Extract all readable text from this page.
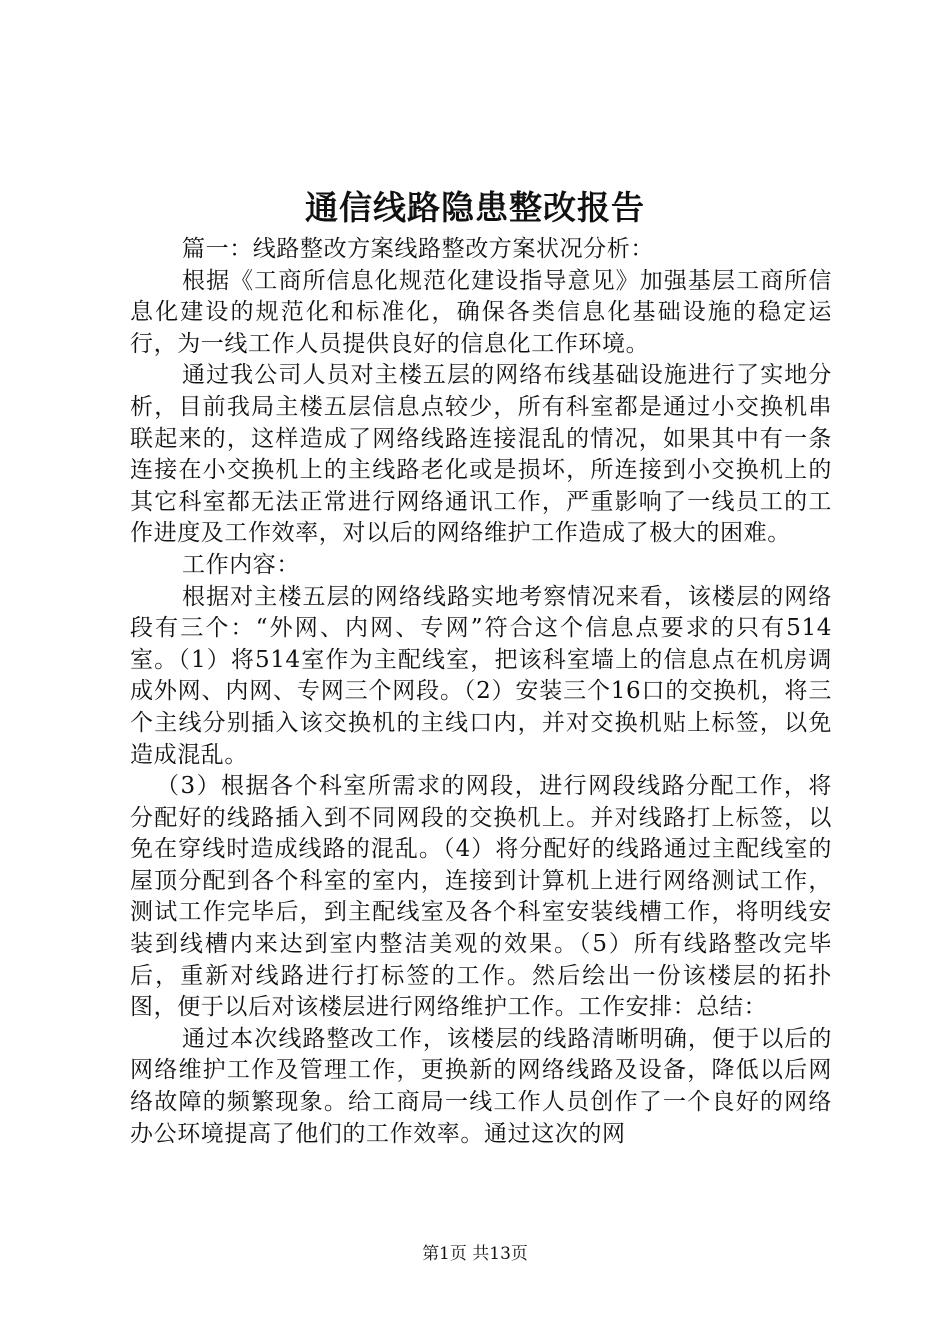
通信线路隐患整改报告

篇一：线路整改方案线路整改方案状况分析：

根据《工商所信息化规范化建设指导意见》加强基层工商所信息化建设的规范化和标准化，确保各类信息化基础设施的稳定运行，为一线工作人员提供良好的信息化工作环境。

通过我公司人员对主楼五层的网络布线基础设施进行了实地分析，目前我局主楼五层信息点较少，所有科室都是通过小交换机串联起来的，这样造成了网络线路连接混乱的情况，如果其中有一条连接在小交换机上的主线路老化或是损坏，所连接到小交换机上的其它科室都无法正常进行网络通讯工作，严重影响了一线员工的工作进度及工作效率，对以后的网络维护工作造成了极大的困难。

工作内容：

根据对主楼五层的网络线路实地考察情况来看，该楼层的网络段有三个：“外网、内网、专网”符合这个信息点要求的只有514室。（1）将514室作为主配线室，把该科室墙上的信息点在机房调成外网、内网、专网三个网段。（2）安装三个16口的交换机，将三个主线分别插入该交换机的主线口内，并对交换机贴上标签，以免造成混乱。

（3）根据各个科室所需求的网段，进行网段线路分配工作，将分配好的线路插入到不同网段的交换机上。并对线路打上标签，以免在穿线时造成线路的混乱。（4）将分配好的线路通过主配线室的屋顶分配到各个科室的室内，连接到计算机上进行网络测试工作，测试工作完毕后，到主配线室及各个科室安装线槽工作，将明线安装到线槽内来达到室内整洁美观的效果。（5）所有线路整改完毕后，重新对线路进行打标签的工作。然后绘出一份该楼层的拓扑图，便于以后对该楼层进行网络维护工作。工作安排：总结：

通过本次线路整改工作，该楼层的线路清晰明确，便于以后的网络维护工作及管理工作，更换新的网络线路及设备，降低以后网络故障的频繁现象。给工商局一线工作人员创作了一个良好的网络办公环境提高了他们的工作效率。通过这次的网

第1页 共13页
